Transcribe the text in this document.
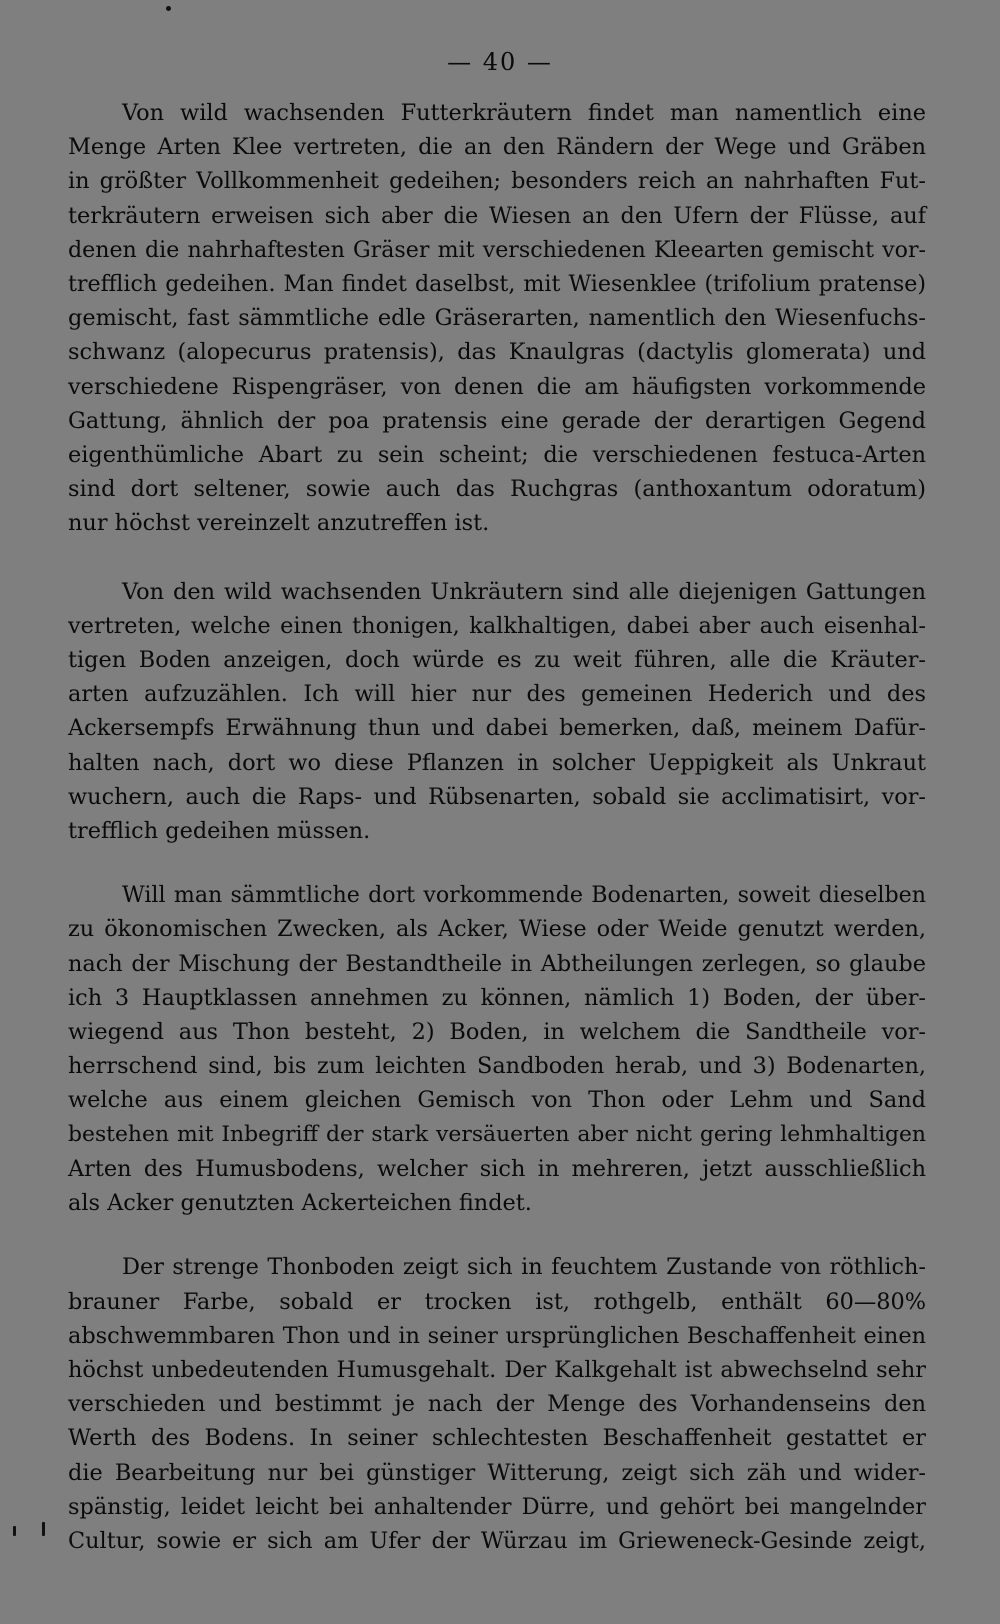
— 40 —
Von wild wachsenden Futterkräutern findet man namentlich eine
Menge Arten Klee vertreten, die an den Rändern der Wege und Gräben
in größter Vollkommenheit gedeihen; besonders reich an nahrhaften Fut-
terkräutern erweisen sich aber die Wiesen an den Ufern der Flüsse, auf
denen die nahrhaftesten Gräser mit verschiedenen Kleearten gemischt vor-
trefflich gedeihen. Man findet daselbst, mit Wiesenklee (trifolium pratense)
gemischt, fast sämmtliche edle Gräserarten, namentlich den Wiesenfuchs-
schwanz (alopecurus pratensis), das Knaulgras (dactylis glomerata) und
verschiedene Rispengräser, von denen die am häufigsten vorkommende
Gattung, ähnlich der poa pratensis eine gerade der derartigen Gegend
eigenthümliche Abart zu sein scheint; die verschiedenen festuca-Arten
sind dort seltener, sowie auch das Ruchgras (anthoxantum odoratum)
nur höchst vereinzelt anzutreffen ist.
Von den wild wachsenden Unkräutern sind alle diejenigen Gattungen
vertreten, welche einen thonigen, kalkhaltigen, dabei aber auch eisenhal-
tigen Boden anzeigen, doch würde es zu weit führen, alle die Kräuter-
arten aufzuzählen. Ich will hier nur des gemeinen Hederich und des
Ackersempfs Erwähnung thun und dabei bemerken, daß, meinem Dafür-
halten nach, dort wo diese Pflanzen in solcher Ueppigkeit als Unkraut
wuchern, auch die Raps- und Rübsenarten, sobald sie acclimatisirt, vor-
trefflich gedeihen müssen.
Will man sämmtliche dort vorkommende Bodenarten, soweit dieselben
zu ökonomischen Zwecken, als Acker, Wiese oder Weide genutzt werden,
nach der Mischung der Bestandtheile in Abtheilungen zerlegen, so glaube
ich 3 Hauptklassen annehmen zu können, nämlich 1) Boden, der über-
wiegend aus Thon besteht, 2) Boden, in welchem die Sandtheile vor-
herrschend sind, bis zum leichten Sandboden herab, und 3) Bodenarten,
welche aus einem gleichen Gemisch von Thon oder Lehm und Sand
bestehen mit Inbegriff der stark versäuerten aber nicht gering lehmhaltigen
Arten des Humusbodens, welcher sich in mehreren, jetzt ausschließlich
als Acker genutzten Ackerteichen findet.
Der strenge Thonboden zeigt sich in feuchtem Zustande von röthlich-
brauner Farbe, sobald er trocken ist, rothgelb, enthält 60—80%
abschwemmbaren Thon und in seiner ursprünglichen Beschaffenheit einen
höchst unbedeutenden Humusgehalt. Der Kalkgehalt ist abwechselnd sehr
verschieden und bestimmt je nach der Menge des Vorhandenseins den
Werth des Bodens. In seiner schlechtesten Beschaffenheit gestattet er
die Bearbeitung nur bei günstiger Witterung, zeigt sich zäh und wider-
spänstig, leidet leicht bei anhaltender Dürre, und gehört bei mangelnder
Cultur, sowie er sich am Ufer der Würzau im Grieweneck-Gesinde zeigt,
